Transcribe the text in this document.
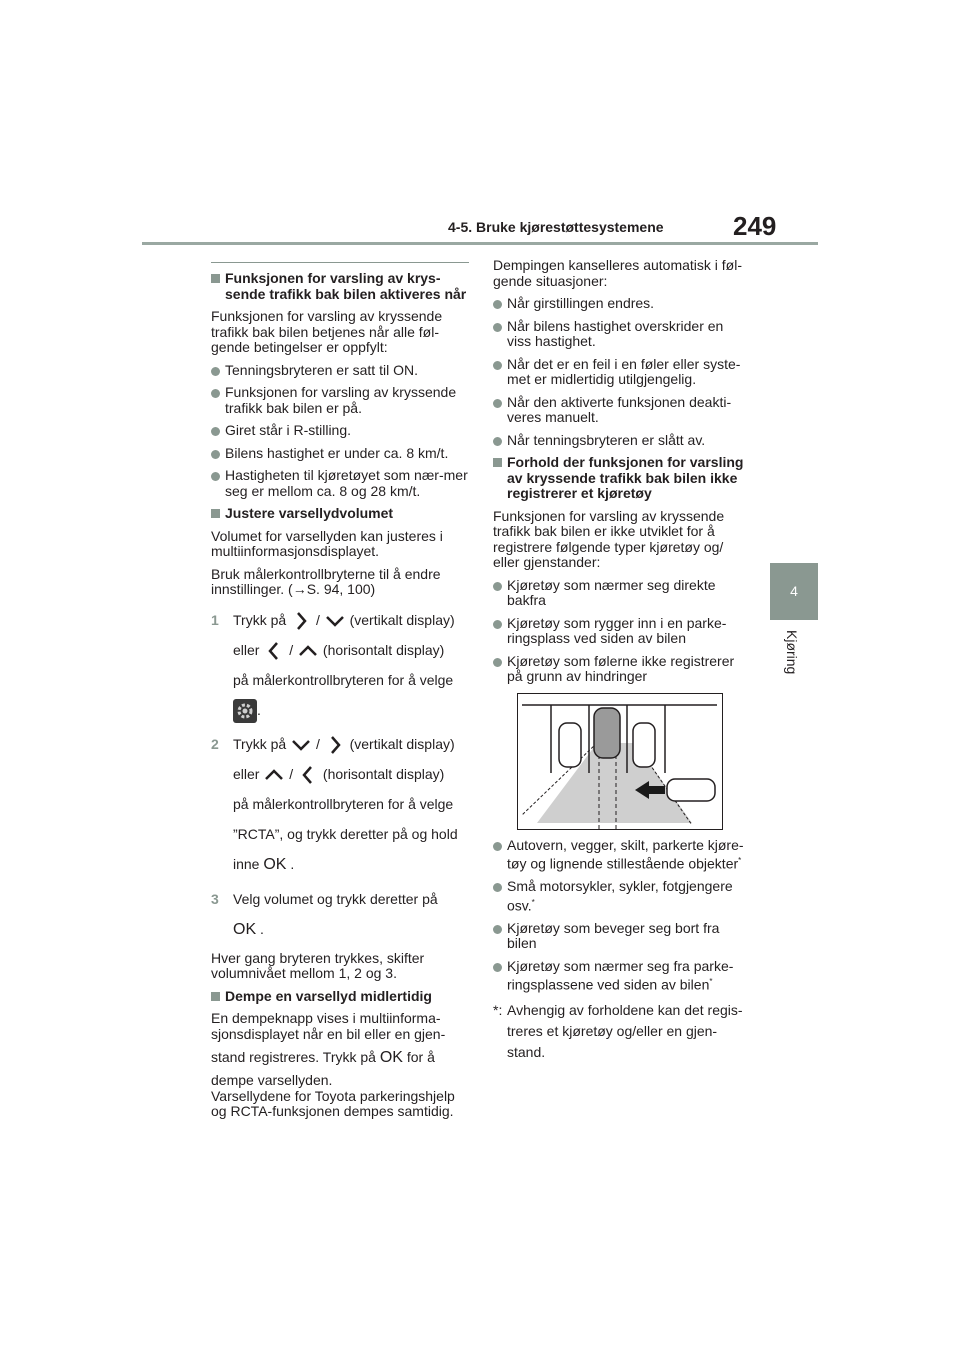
4-5. Bruke kjørestøttesystemene	249
4
Kjøring

Funksjonen for varsling av krys-sende trafikk bak bilen aktiveres når

Funksjonen for varsling av kryssende trafikk bak bilen betjenes når alle føl-gende betingelser er oppfylt:

Tenningsbryteren er satt til ON.

Funksjonen for varsling av kryssende trafikk bak bilen er på.

Giret står i R-stilling.

Bilens hastighet er under ca. 8 km/t.

Hastigheten til kjøretøyet som nær-mer seg er mellom ca. 8 og 28 km/t.

Justere varsellydvolumet

Volumet for varsellyden kan justeres i multiinformasjonsdisplayet.

Bruk målerkontrollbryterne til å endre innstillinger. (→S. 94, 100)

1 Trykk på / (vertikalt display)
eller / (horisontalt display)
på målerkontrollbryteren for å velge
.
2 Trykk på / (vertikalt display)
eller / (horisontalt display)
på målerkontrollbryteren for å velge
”RCTA”, og trykk deretter på og hold
inne OK .
3 Velg volumet og trykk deretter på
OK .

Hver gang bryteren trykkes, skifter volumnivået mellom 1, 2 og 3.

Dempe en varsellyd midlertidig

En dempeknapp vises i multiinforma-sjonsdisplayet når en bil eller en gjen-

stand registreres. Trykk på OK for å

dempe varsellyden.

Varsellydene for Toyota parkeringshjelp og RCTA-funksjonen dempes samtidig.

Dempingen kanselleres automatisk i føl-gende situasjoner:

Når girstillingen endres.

Når bilens hastighet overskrider en viss hastighet.

Når det er en feil i en føler eller syste-met er midlertidig utilgjengelig.

Når den aktiverte funksjonen deakti-veres manuelt.

Når tenningsbryteren er slått av.

Forhold der funksjonen for varsling av kryssende trafikk bak bilen ikke registrerer et kjøretøy

Funksjonen for varsling av kryssende trafikk bak bilen er ikke utviklet for å registrere følgende typer kjøretøy og/ eller gjenstander:

Kjøretøy som nærmer seg direkte bakfra

Kjøretøy som rygger inn i en parke-ringsplass ved siden av bilen

Kjøretøy som følerne ikke registrerer på grunn av hindringer

Autovern, vegger, skilt, parkerte kjøre-tøy og lignende stillestående objekter*

Små motorsykler, sykler, fotgjengere osv.*

Kjøretøy som beveger seg bort fra bilen

Kjøretøy som nærmer seg fra parke-ringsplassene ved siden av bilen*

*: Avhengig av forholdene kan det regis-
treres et kjøretøy og/eller en gjen-
stand.
